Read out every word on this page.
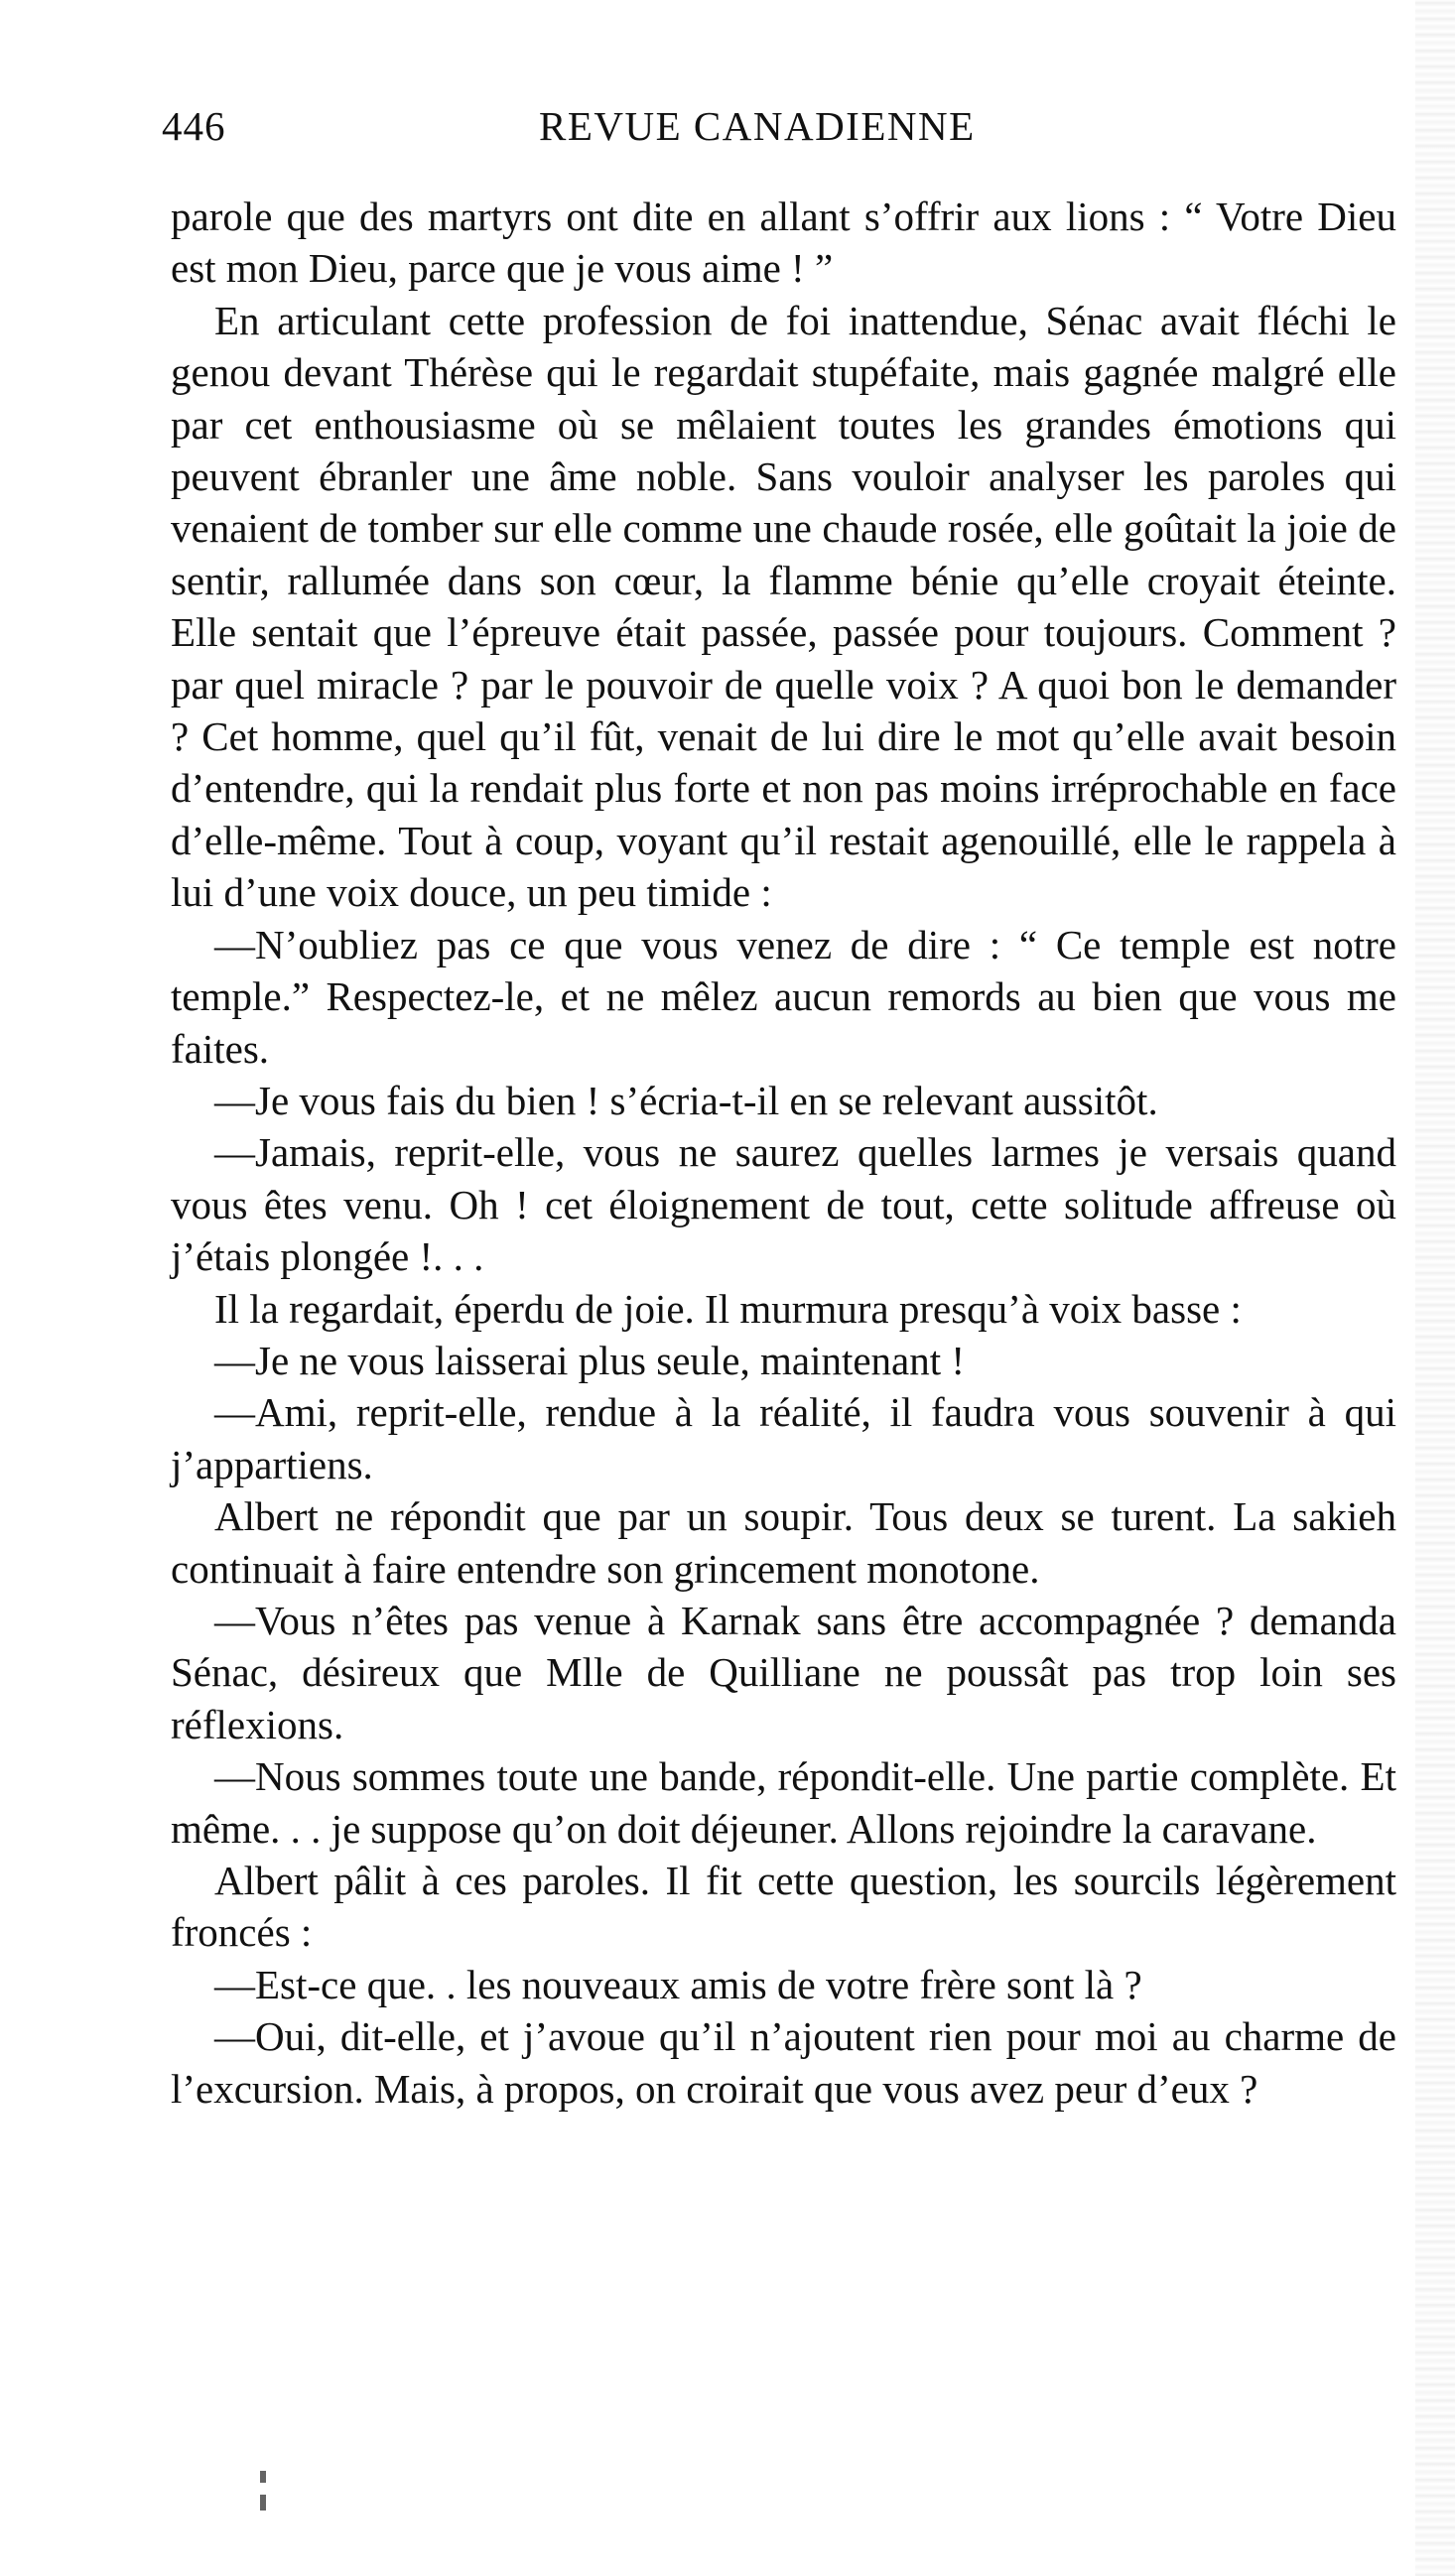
446	REVUE CANADIENNE

parole que des martyrs ont dite en allant s’offrir aux lions : “ Votre Dieu est mon Dieu, parce que je vous aime ! ”

En articulant cette profession de foi inattendue, Sénac avait fléchi le genou devant Thérèse qui le regardait stupéfaite, mais gagnée malgré elle par cet enthousiasme où se mêlaient toutes les grandes émotions qui peuvent ébranler une âme noble. Sans vouloir analyser les paroles qui venaient de tomber sur elle comme une chaude rosée, elle goûtait la joie de sentir, rallumée dans son cœur, la flamme bénie qu’elle croyait éteinte. Elle sentait que l’épreuve était passée, passée pour toujours. Comment ? par quel miracle ? par le pouvoir de quelle voix ? A quoi bon le demander ? Cet homme, quel qu’il fût, venait de lui dire le mot qu’elle avait besoin d’entendre, qui la rendait plus forte et non pas moins irréprochable en face d’elle-même. Tout à coup, voyant qu’il restait agenouillé, elle le rappela à lui d’une voix douce, un peu timide :

—N’oubliez pas ce que vous venez de dire : “ Ce temple est notre temple.” Respectez-le, et ne mêlez aucun remords au bien que vous me faites.

—Je vous fais du bien ! s’écria-t-il en se relevant aussitôt.

—Jamais, reprit-elle, vous ne saurez quelles larmes je versais quand vous êtes venu. Oh ! cet éloignement de tout, cette solitude affreuse où j’étais plongée !. . .

Il la regardait, éperdu de joie. Il murmura presqu’à voix basse :

—Je ne vous laisserai plus seule, maintenant !

—Ami, reprit-elle, rendue à la réalité, il faudra vous souvenir à qui j’appartiens.

Albert ne répondit que par un soupir. Tous deux se turent. La sakieh continuait à faire entendre son grincement monotone.

—Vous n’êtes pas venue à Karnak sans être accompagnée ? demanda Sénac, désireux que Mlle de Quilliane ne poussât pas trop loin ses réflexions.

—Nous sommes toute une bande, répondit-elle. Une partie complète. Et même. . . je suppose qu’on doit déjeuner. Allons rejoindre la caravane.

Albert pâlit à ces paroles. Il fit cette question, les sourcils légèrement froncés :

—Est-ce que. . les nouveaux amis de votre frère sont là ?

—Oui, dit-elle, et j’avoue qu’il n’ajoutent rien pour moi au charme de l’excursion. Mais, à propos, on croirait que vous avez peur d’eux ?
